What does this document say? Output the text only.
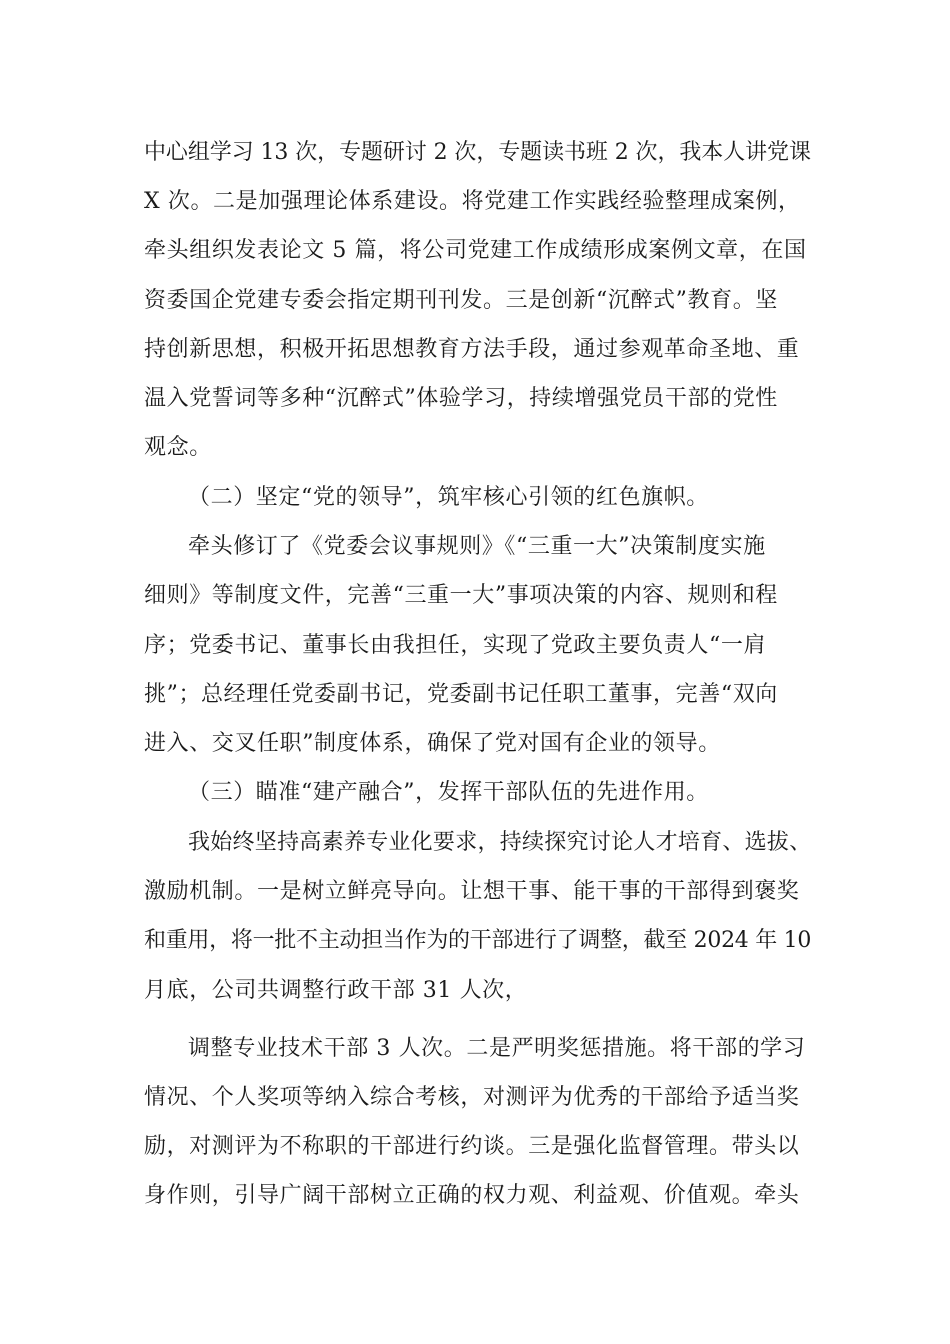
中心组学习 13 次，专题研讨 2 次，专题读书班 2 次，我本人讲党课

X 次。二是加强理论体系建设。将党建工作实践经验整理成案例，

牵头组织发表论文 5 篇，将公司党建工作成绩形成案例文章，在国

资委国企党建专委会指定期刊刊发。三是创新“沉醉式”教育。坚

持创新思想，积极开拓思想教育方法手段，通过参观革命圣地、重

温入党誓词等多种“沉醉式”体验学习，持续增强党员干部的党性

观念。

（二）坚定“党的领导”，筑牢核心引领的红色旗帜。

牵头修订了《党委会议事规则》《“三重一大”决策制度实施

细则》等制度文件，完善“三重一大”事项决策的内容、规则和程

序；党委书记、董事长由我担任，实现了党政主要负责人“一肩

挑”；总经理任党委副书记，党委副书记任职工董事，完善“双向

进入、交叉任职”制度体系，确保了党对国有企业的领导。

（三）瞄准“建产融合”，发挥干部队伍的先进作用。

我始终坚持高素养专业化要求，持续探究讨论人才培育、选拔、

激励机制。一是树立鲜亮导向。让想干事、能干事的干部得到褒奖

和重用，将一批不主动担当作为的干部进行了调整，截至 2024 年 10

月底，公司共调整行政干部 31 人次，

调整专业技术干部 3 人次。二是严明奖惩措施。将干部的学习

情况、个人奖项等纳入综合考核，对测评为优秀的干部给予适当奖

励，对测评为不称职的干部进行约谈。三是强化监督管理。带头以

身作则，引导广阔干部树立正确的权力观、利益观、价值观。牵头
